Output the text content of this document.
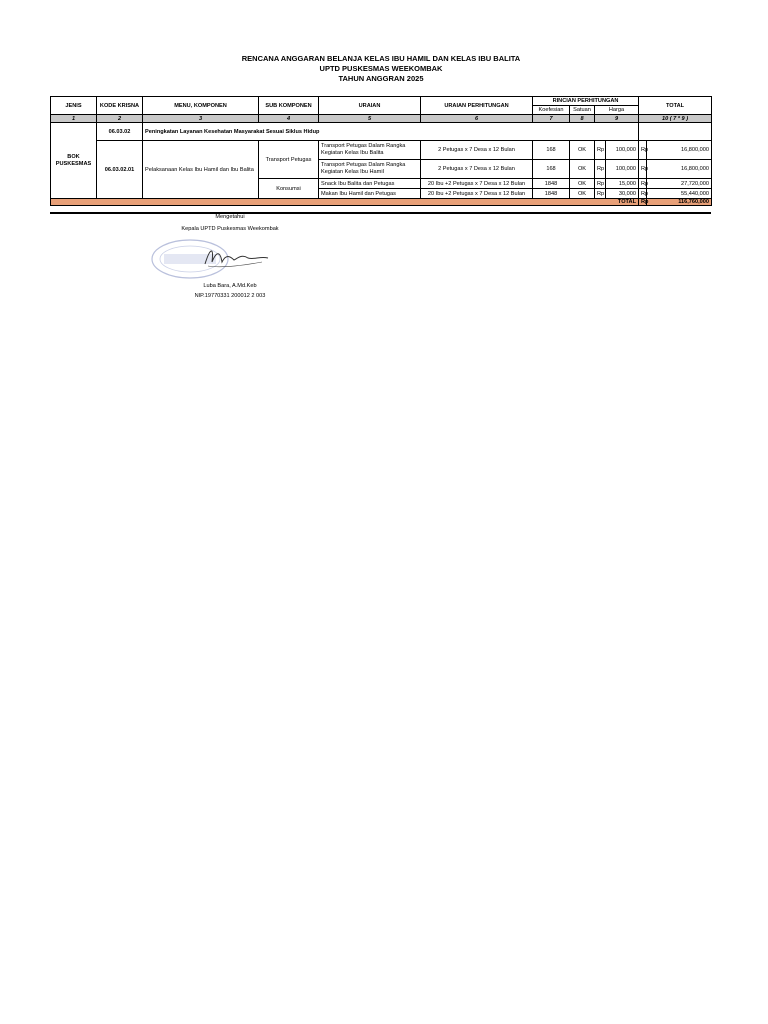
RENCANA ANGGARAN BELANJA KELAS IBU HAMIL DAN KELAS IBU BALITA
UPTD PUSKESMAS WEEKOMBAK
TAHUN ANGGRAN 2025
JENIS	KODE KRISNA	MENU, KOMPONEN	SUB KOMPONEN	URAIAN	URAIAN PERHITUNGAN	RINCIAN PERHITUNGAN				TOTAL	
						Koefesian	Satuan	Harga			
1	2	3	4	5	6	7	8	9		10 ( 7 * 9 )	
BOK PUSKESMAS	06.03.02	Peningkatan Layanan Kesehatan Masyarakat Sesuai Siklus Hidup									
	06.03.02.01	Pelaksanaan Kelas Ibu Hamil dan Ibu Balita	Transport Petugas	Transport Petugas Dalam Rangka Kegiatan Kelas Ibu Balita	2 Petugas x 7 Desa x 12 Bulan	168	OK	Rp	100,000	Rp	16,800,000
				Transport Petugas Dalam Rangka Kegiatan Kelas Ibu Hamil	2 Petugas x 7 Desa x 12 Bulan	168	OK	Rp	100,000	Rp	16,800,000
			Konsumsi	Snack Ibu Balita dan Petugas	20 Ibu +2 Petugas x 7 Desa x 12 Bulan	1848	OK	Rp	15,000	Rp	27,720,000
				Makan Ibu Hamil dan Petugas	20 Ibu +2 Petugas x 7 Desa x 12 Bulan	1848	OK	Rp	30,000	Rp	55,440,000
TOTAL										Rp	116,760,000
Mengetahui
Kepala UPTD Puskesmas Weekombak
Luba Bara, A.Md.Keb
NIP.19770331 200012 2 003
